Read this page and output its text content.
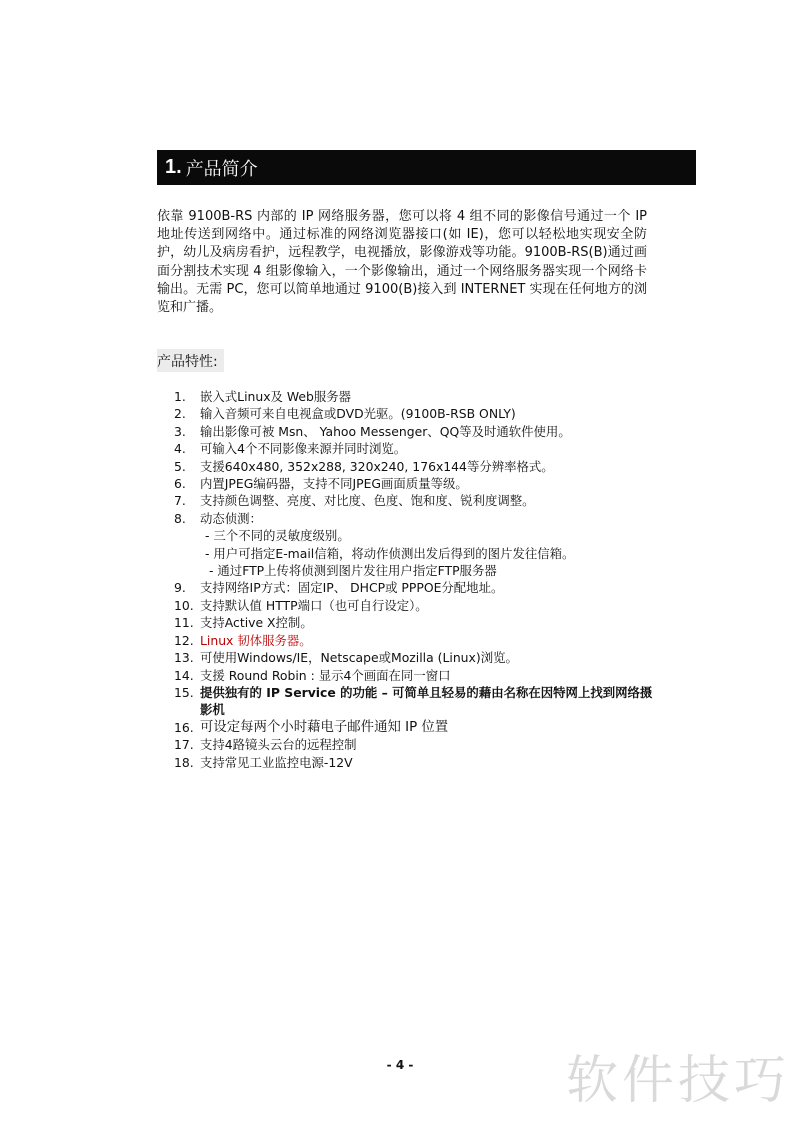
1. 产品简介
依靠 9100B-RS 内部的 IP 网络服务器，您可以将 4 组不同的影像信号通过一个 IP 地址传送到网络中。通过标准的网络浏览器接口(如 IE)，您可以轻松地实现安全防护，幼儿及病房看护，远程教学，电视播放，影像游戏等功能。9100B-RS(B)通过画面分割技术实现 4 组影像输入，一个影像输出，通过一个网络服务器实现一个网络卡输出。无需 PC，您可以简单地通过 9100(B)接入到 INTERNET 实现在任何地方的浏览和广播。
产品特性:
1.	嵌入式Linux及 Web服务器
2.	输入音频可来自电视盒或DVD光驱。(9100B-RSB ONLY)
3.	输出影像可被 Msn、 Yahoo Messenger、QQ等及时通软件使用。
4.	可输入4个不同影像来源并同时浏览。
5.	支援640x480, 352x288, 320x240, 176x144等分辨率格式。
6.	内置JPEG编码器，支持不同JPEG画面质量等级。
7.	支持颜色调整、亮度、对比度、色度、饱和度、锐利度调整。
8.	动态侦测：
- 三个不同的灵敏度级别。
- 用户可指定E-mail信箱，将动作侦测出发后得到的图片发往信箱。
- 通过FTP上传将侦测到图片发往用户指定FTP服务器
9.	支持网络IP方式：固定IP、 DHCP或 PPPOE分配地址。
10. 支持默认值 HTTP端口（也可自行设定）。
11. 支持Active X控制。
12. Linux 韧体服务器。
13. 可使用Windows/IE，Netscape或Mozilla (Linux)浏览。
14. 支援 Round Robin : 显示4个画面在同一窗口
15. 提供独有的 IP Service 的功能 – 可简单且轻易的藉由名称在因特网上找到网络摄影机
16. 可设定每两个小时藉电子邮件通知 IP 位置
17. 支持4路镜头云台的远程控制
18. 支持常见工业监控电源-12V
- 4 -	软件技巧
